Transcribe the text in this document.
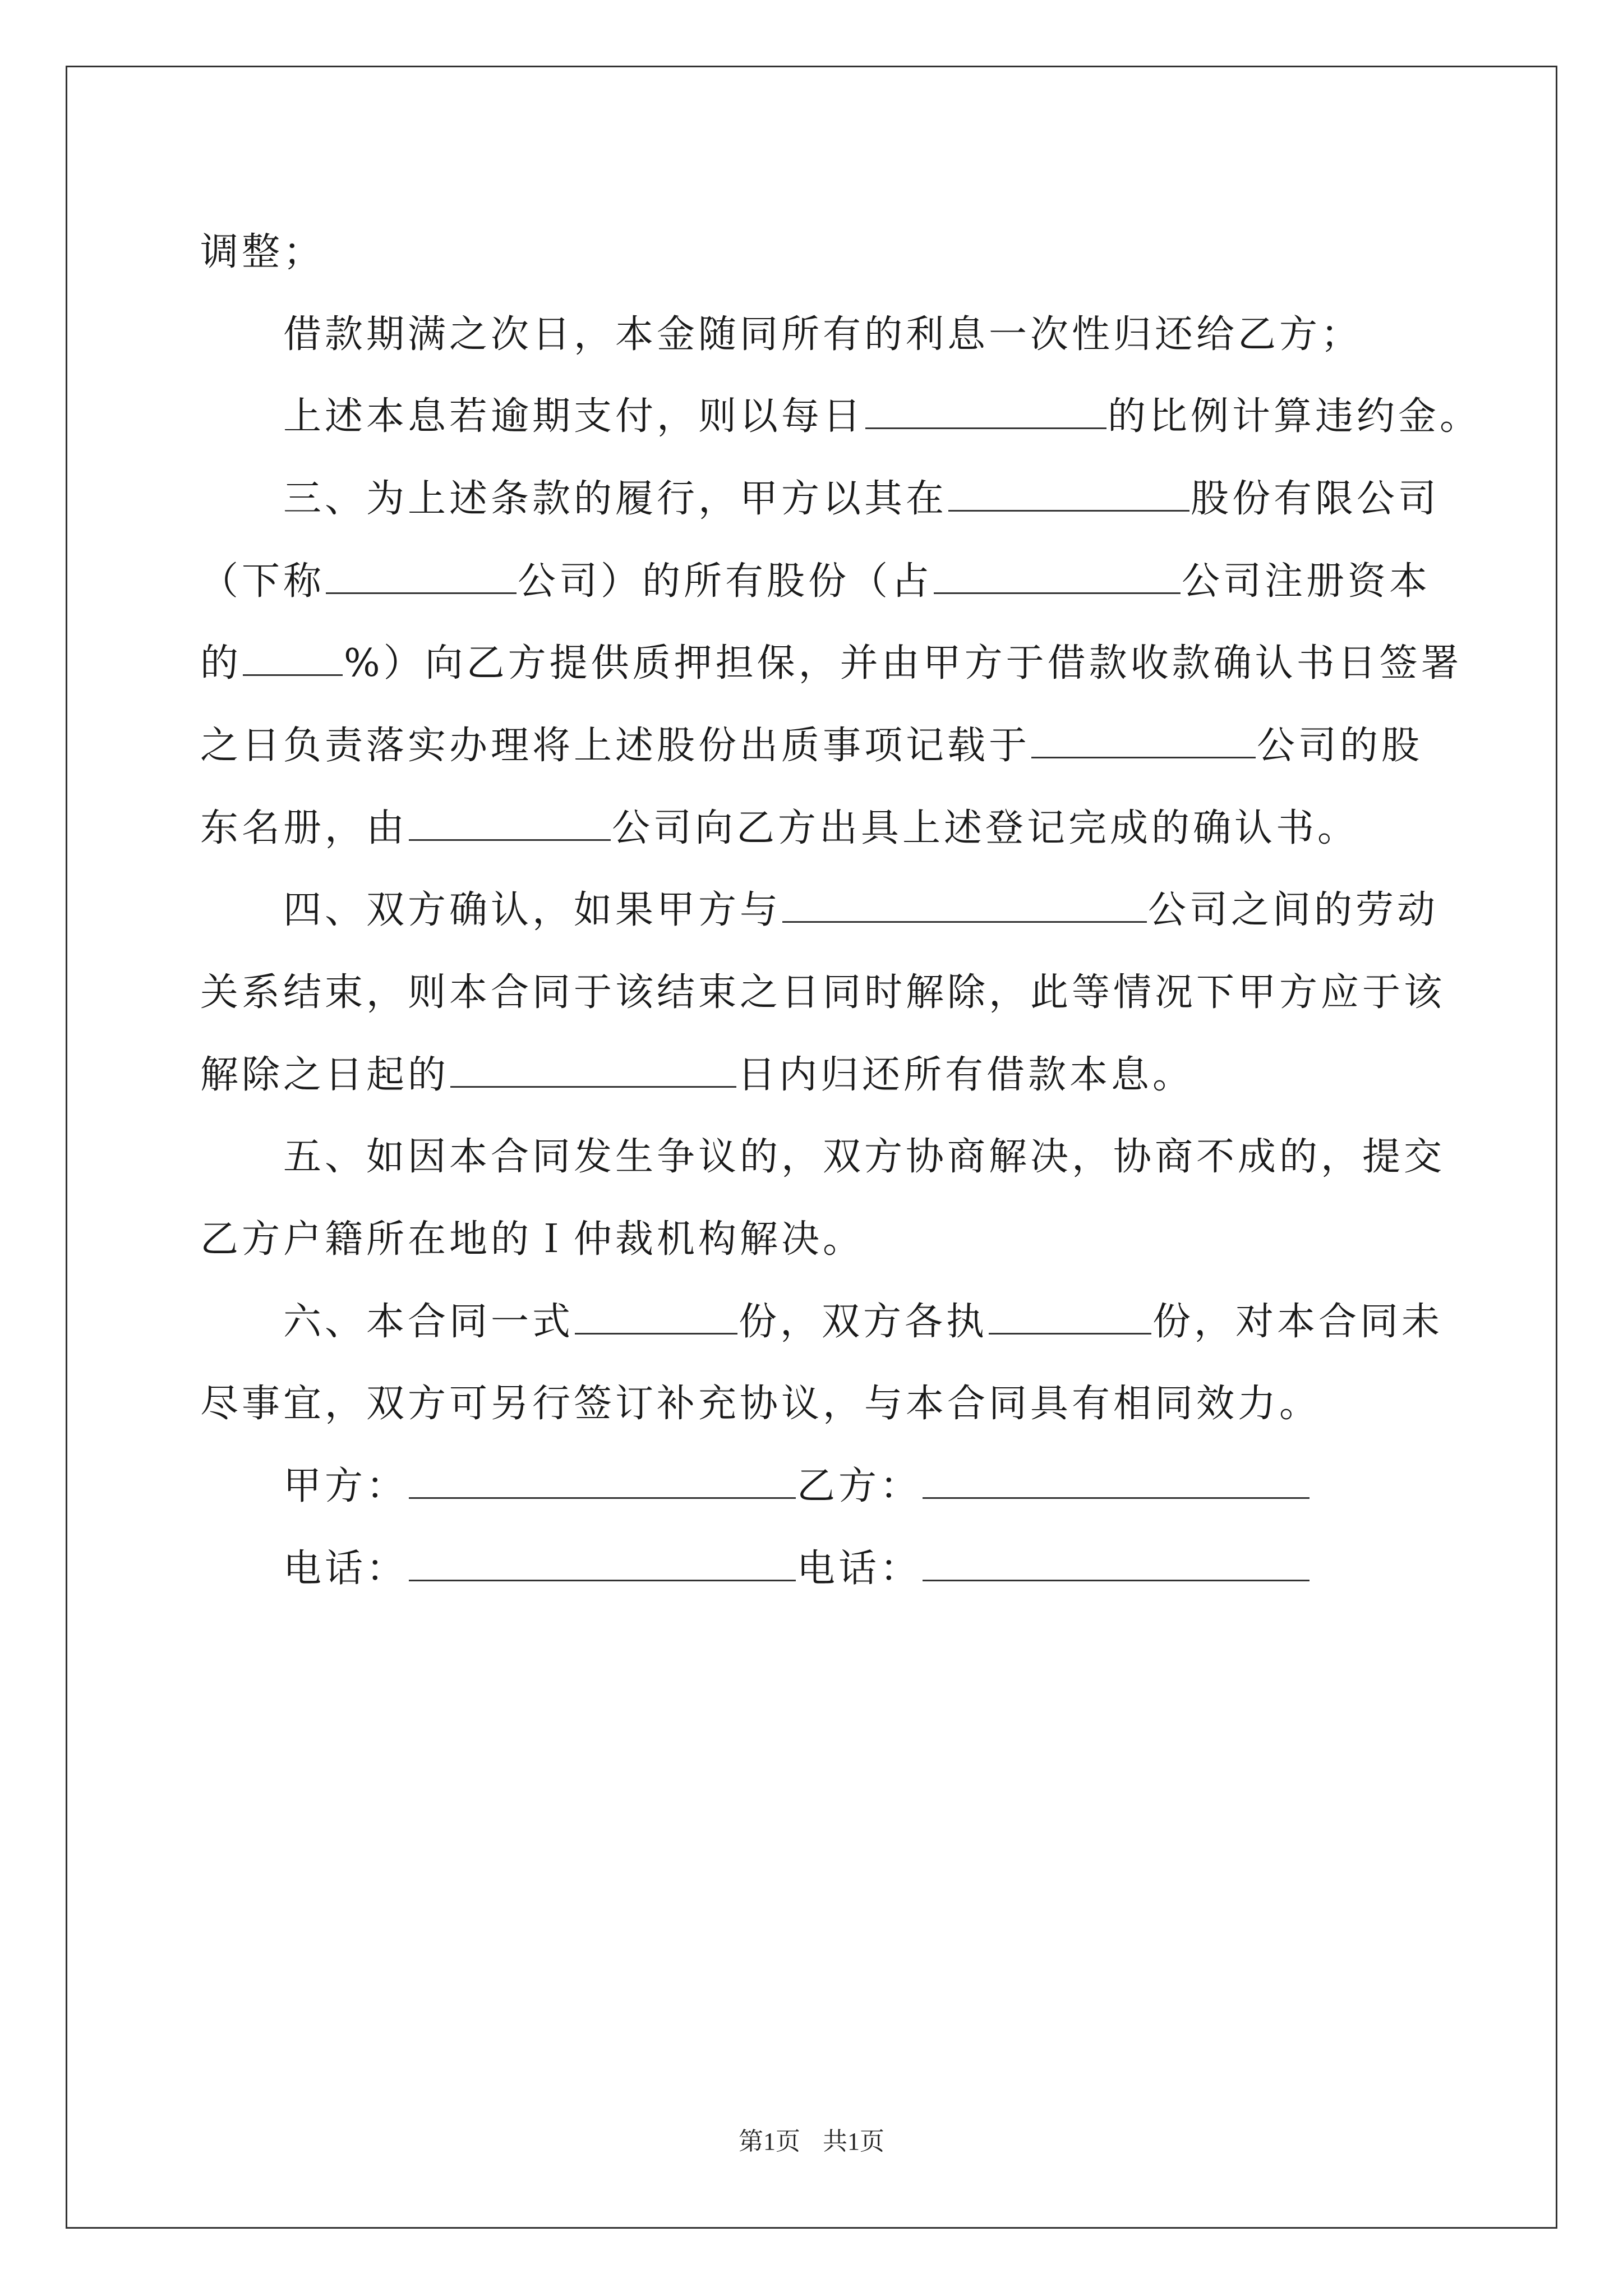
调整；
借款期满之次日，本金随同所有的利息一次性归还给乙方；
上述本息若逾期支付，则以每日	的比例计算违约金。
三、为上述条款的履行，甲方以其在	股份有限公司
（下称	公司）的所有股份（占	公司注册资本
的	%）向乙方提供质押担保，并由甲方于借款收款确认书日签署
之日负责落实办理将上述股份出质事项记载于	公司的股
东名册，由	公司向乙方出具上述登记完成的确认书。
四、双方确认，如果甲方与	公司之间的劳动
关系结束，则本合同于该结束之日同时解除，此等情况下甲方应于该
解除之日起的	日内归还所有借款本息。
五、如因本合同发生争议的，双方协商解决，协商不成的，提交
乙方户籍所在地的Ｉ仲裁机构解决。
六、本合同一式	份，双方各执	份，对本合同未
尽事宜，双方可另行签订补充协议，与本合同具有相同效力。
甲方：	乙方：
电话：	电话：
第1页 共1页
